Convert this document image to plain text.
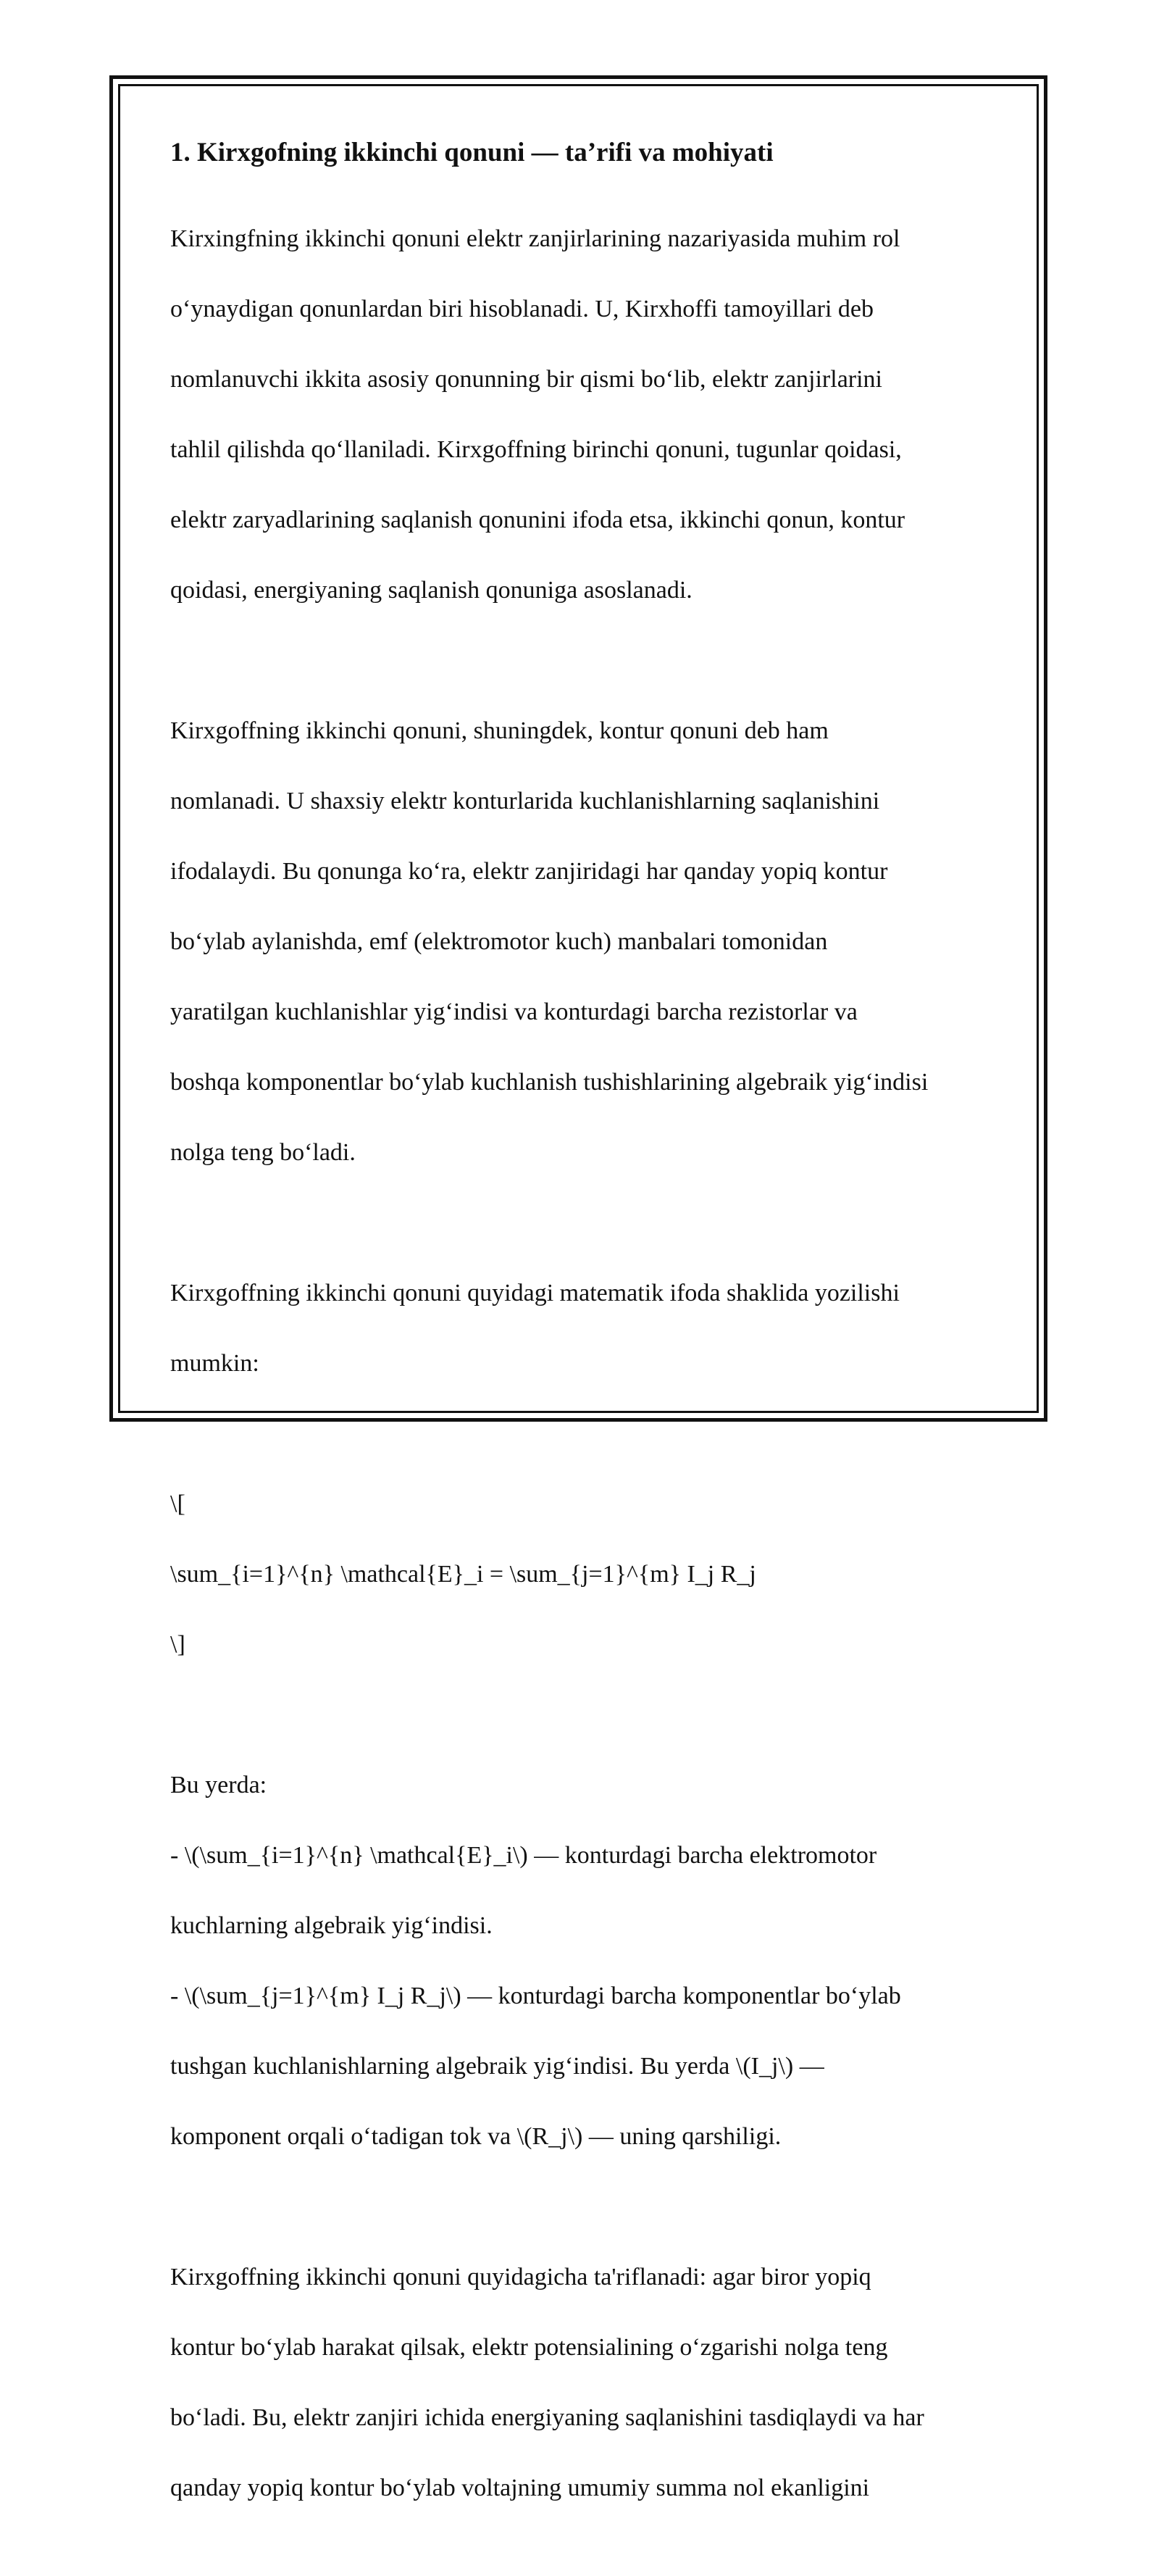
1. Kirxgofning ikkinchi qonuni — ta’rifi va mohiyati

Kirxingfning ikkinchi qonuni elektr zanjirlarining nazariyasida muhim rol

o‘ynaydigan qonunlardan biri hisoblanadi. U, Kirxhoffi tamoyillari deb

nomlanuvchi ikkita asosiy qonunning bir qismi bo‘lib, elektr zanjirlarini

tahlil qilishda qo‘llaniladi. Kirxgoffning birinchi qonuni, tugunlar qoidasi,

elektr zaryadlarining saqlanish qonunini ifoda etsa, ikkinchi qonun, kontur

qoidasi, energiyaning saqlanish qonuniga asoslanadi.

Kirxgoffning ikkinchi qonuni, shuningdek, kontur qonuni deb ham

nomlanadi. U shaxsiy elektr konturlarida kuchlanishlarning saqlanishini

ifodalaydi. Bu qonunga ko‘ra, elektr zanjiridagi har qanday yopiq kontur

bo‘ylab aylanishda, emf (elektromotor kuch) manbalari tomonidan

yaratilgan kuchlanishlar yig‘indisi va konturdagi barcha rezistorlar va

boshqa komponentlar bo‘ylab kuchlanish tushishlarining algebraik yig‘indisi

nolga teng bo‘ladi.

Kirxgoffning ikkinchi qonuni quyidagi matematik ifoda shaklida yozilishi

mumkin:

\[

\sum_{i=1}^{n} \mathcal{E}_i = \sum_{j=1}^{m} I_j R_j

\]

Bu yerda:

- \(\sum_{i=1}^{n} \mathcal{E}_i\) — konturdagi barcha elektromotor

kuchlarning algebraik yig‘indisi.

- \(\sum_{j=1}^{m} I_j R_j\) — konturdagi barcha komponentlar bo‘ylab

tushgan kuchlanishlarning algebraik yig‘indisi. Bu yerda \(I_j\) —

komponent orqali o‘tadigan tok va \(R_j\) — uning qarshiligi.

Kirxgoffning ikkinchi qonuni quyidagicha ta'riflanadi: agar biror yopiq

kontur bo‘ylab harakat qilsak, elektr potensialining o‘zgarishi nolga teng

bo‘ladi. Bu, elektr zanjiri ichida energiyaning saqlanishini tasdiqlaydi va har

qanday yopiq kontur bo‘ylab voltajning umumiy summa nol ekanligini
